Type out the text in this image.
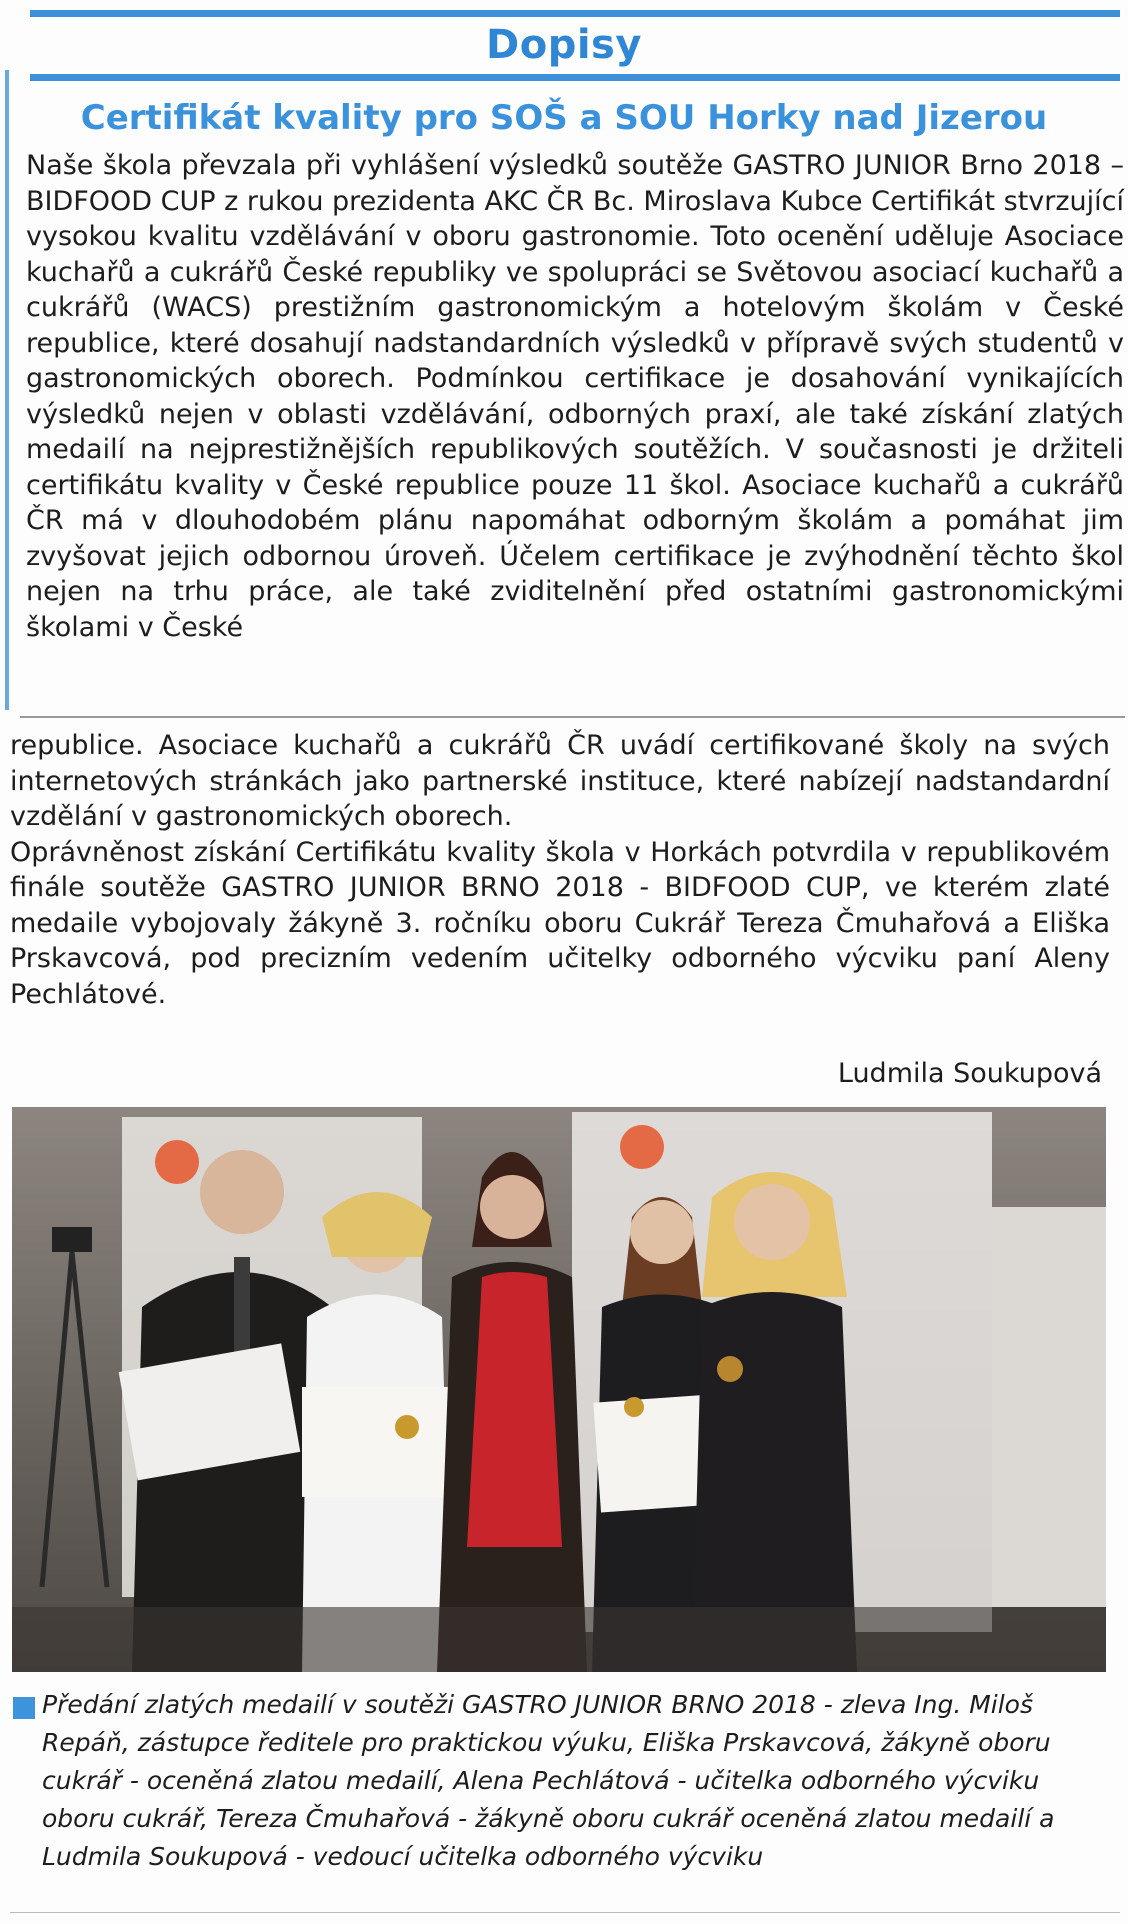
Dopisy
Certifikát kvality pro SOŠ a SOU Horky nad Jizerou
Naše škola převzala při vyhlášení výsledků soutěže GASTRO JUNIOR Brno 2018 – BIDFOOD CUP z rukou prezidenta AKC ČR Bc. Miroslava Kubce Certifikát stvrzující vysokou kvalitu vzdělávání v oboru gastronomie. Toto ocenění uděluje Asociace kuchařů a cukrářů České republiky ve spolupráci se Světovou asociací kuchařů a cukrářů (WACS) prestižním gastronomickým a hotelovým školám v České republice, které dosahují nadstandardních výsledků v přípravě svých studentů v gastronomických oborech. Podmínkou certifikace je dosahování vynikajících výsledků nejen v oblasti vzdělávání, odborných praxí, ale také získání zlatých medailí na nejprestižnějších republikových soutěžích. V současnosti je držiteli certifikátu kvality v České republice pouze 11 škol. Asociace kuchařů a cukrářů ČR má v dlouhodobém plánu napomáhat odborným školám a pomáhat jim zvyšovat jejich odbornou úroveň. Účelem certifikace je zvýhodnění těchto škol nejen na trhu práce, ale také zviditelnění před ostatními gastronomickými školami v České
republice. Asociace kuchařů a cukrářů ČR uvádí certifikované školy na svých internetových stránkách jako partnerské instituce, které nabízejí nadstandardní vzdělání v gastronomických oborech.
Oprávněnost získání Certifikátu kvality škola v Horkách potvrdila v republikovém finále soutěže GASTRO JUNIOR BRNO 2018 - BIDFOOD CUP, ve kterém zlaté medaile vybojovaly žákyně 3. ročníku oboru Cukrář Tereza Čmuhařová a Eliška Prskavcová, pod precizním vedením učitelky odborného výcviku paní Aleny Pechlátové.
Ludmila Soukupová
Předání zlatých medailí v soutěži GASTRO JUNIOR BRNO 2018 - zleva Ing. Miloš Repáň, zástupce ředitele pro praktickou výuku, Eliška Prskavcová, žákyně oboru cukrář - oceněná zlatou medailí, Alena Pechlátová - učitelka odborného výcviku oboru cukrář, Tereza Čmuhařová - žákyně oboru cukrář oceněná zlatou medailí a Ludmila Soukupová - vedoucí učitelka odborného výcviku
